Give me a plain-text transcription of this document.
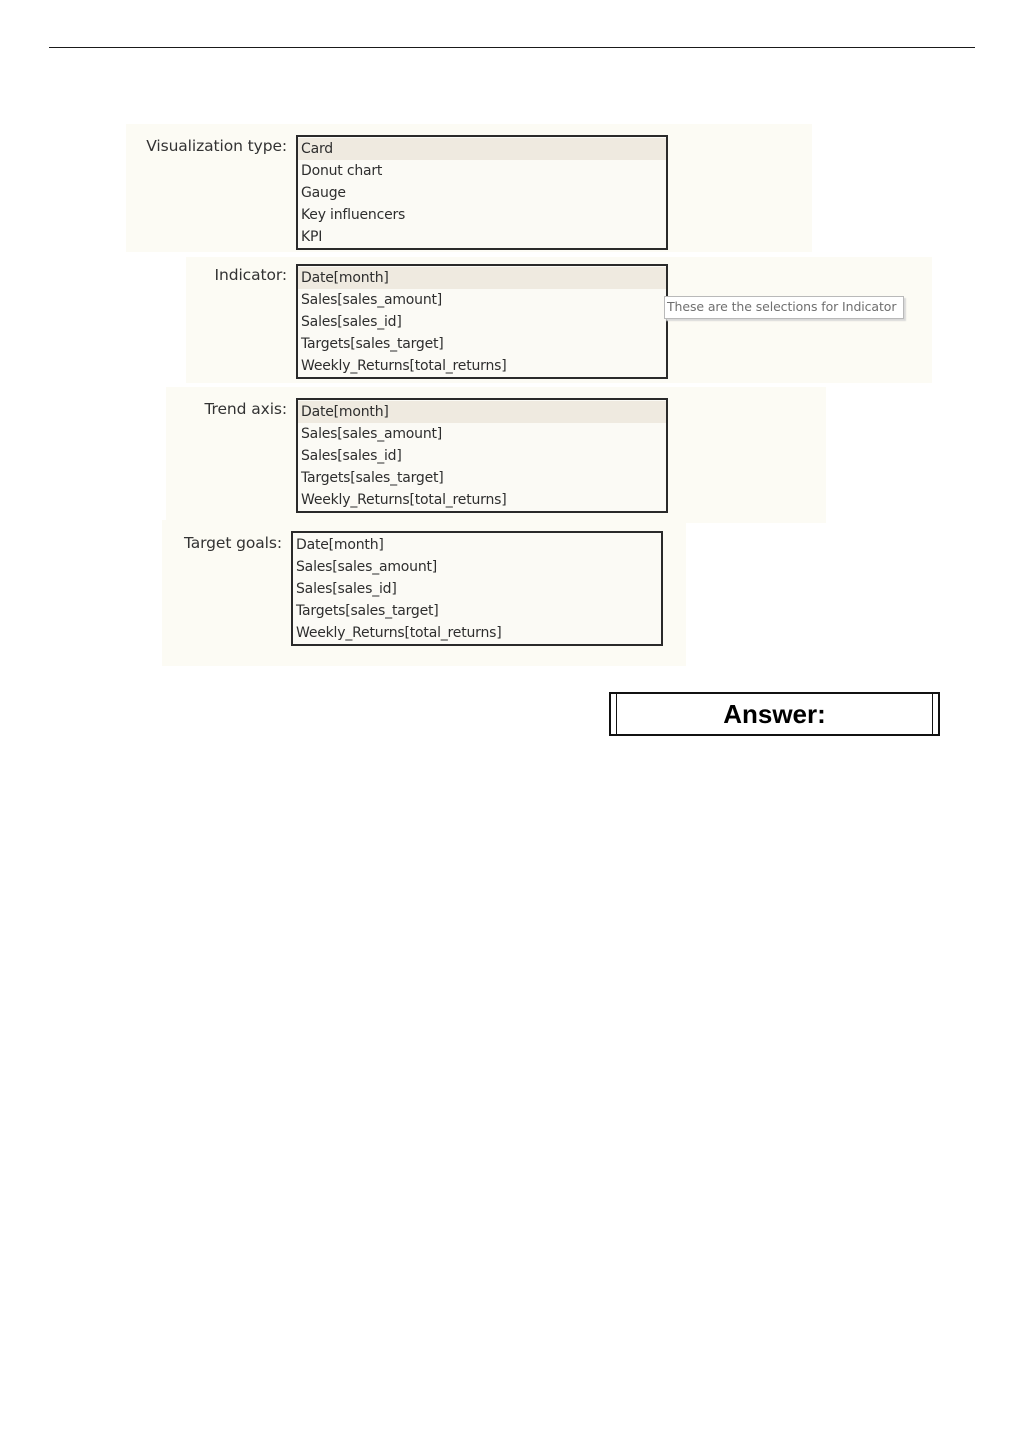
Visualization type: Card
Donut chart
Gauge
Key influencers
KPI
Indicator: Date[month]
Sales[sales_amount]
Sales[sales_id]
Targets[sales_target]
Weekly_Returns[total_returns]
These are the selections for Indicator
Trend axis: Date[month]
Sales[sales_amount]
Sales[sales_id]
Targets[sales_target]
Weekly_Returns[total_returns]
Target goals: Date[month]
Sales[sales_amount]
Sales[sales_id]
Targets[sales_target]
Weekly_Returns[total_returns]
Answer:
